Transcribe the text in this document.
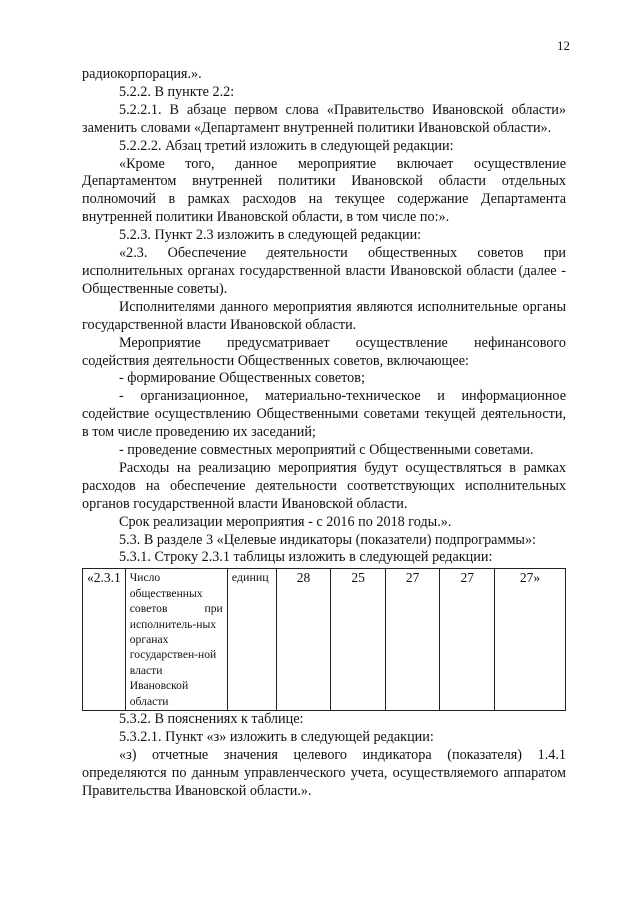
12

радиокорпорация.».

5.2.2. В пункте 2.2:

5.2.2.1. В абзаце первом слова «Правительство Ивановской области» заменить словами «Департамент внутренней политики Ивановской области».

5.2.2.2. Абзац третий изложить в следующей редакции:

«Кроме того, данное мероприятие включает осуществление Департаментом внутренней политики Ивановской области отдельных полномочий в рамках расходов на текущее содержание Департамента внутренней политики Ивановской области, в том числе по:».

5.2.3. Пункт 2.3 изложить в следующей редакции:

«2.3. Обеспечение деятельности общественных советов при исполнительных органах государственной власти Ивановской области (далее - Общественные советы).

Исполнителями данного мероприятия являются исполнительные органы государственной власти Ивановской области.

Мероприятие предусматривает осуществление нефинансового содействия деятельности Общественных советов, включающее:

- формирование Общественных советов;

- организационное, материально-техническое и информационное содействие осуществлению Общественными советами текущей деятельности, в том числе проведению их заседаний;

- проведение совместных мероприятий с Общественными советами.

Расходы на реализацию мероприятия будут осуществляться в рамках расходов на обеспечение деятельности соответствующих исполнительных органов государственной власти Ивановской области.

Срок реализации мероприятия - с 2016 по 2018 годы.».

5.3. В разделе 3 «Целевые индикаторы (показатели) подпрограммы»:

5.3.1. Строку 2.3.1 таблицы изложить в следующей редакции:

«2.3.1	Число общественных советов при исполнитель-ных органах государствен-ной власти Ивановской области	единиц	28	25	27	27	27»

5.3.2. В пояснениях к таблице:

5.3.2.1. Пункт «з» изложить в следующей редакции:

«з) отчетные значения целевого индикатора (показателя) 1.4.1 определяются по данным управленческого учета, осуществляемого аппаратом Правительства Ивановской области.».
